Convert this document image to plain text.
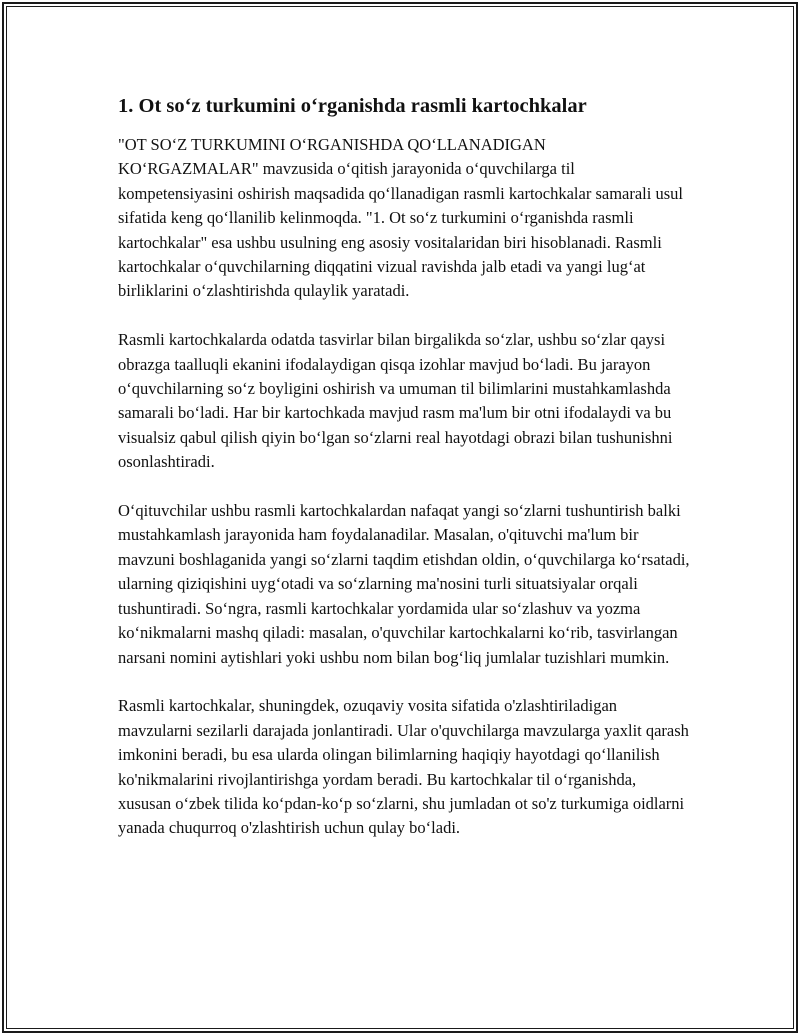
1. Ot so‘z turkumini o‘rganishda rasmli kartochkalar

"OT SO‘Z TURKUMINI O‘RGANISHDA QO‘LLANADIGAN KO‘RGAZMALAR" mavzusida o‘qitish jarayonida o‘quvchilarga til kompetensiyasini oshirish maqsadida qo‘llanadigan rasmli kartochkalar samarali usul sifatida keng qo‘llanilib kelinmoqda. "1. Ot so‘z turkumini o‘rganishda rasmli kartochkalar" esa ushbu usulning eng asosiy vositalaridan biri hisoblanadi. Rasmli kartochkalar o‘quvchilarning diqqatini vizual ravishda jalb etadi va yangi lug‘at birliklarini o‘zlashtirishda qulaylik yaratadi.

Rasmli kartochkalarda odatda tasvirlar bilan birgalikda so‘zlar, ushbu so‘zlar qaysi obrazga taalluqli ekanini ifodalaydigan qisqa izohlar mavjud bo‘ladi. Bu jarayon o‘quvchilarning so‘z boyligini oshirish va umuman til bilimlarini mustahkamlashda samarali bo‘ladi. Har bir kartochkada mavjud rasm ma'lum bir otni ifodalaydi va bu visualsiz qabul qilish qiyin bo‘lgan so‘zlarni real hayotdagi obrazi bilan tushunishni osonlashtiradi.

O‘qituvchilar ushbu rasmli kartochkalardan nafaqat yangi so‘zlarni tushuntirish balki mustahkamlash jarayonida ham foydalanadilar. Masalan, o'qituvchi ma'lum bir mavzuni boshlaganida yangi so‘zlarni taqdim etishdan oldin, o‘quvchilarga ko‘rsatadi, ularning qiziqishini uyg‘otadi va so‘zlarning ma'nosini turli situatsiyalar orqali tushuntiradi. So‘ngra, rasmli kartochkalar yordamida ular so‘zlashuv va yozma ko‘nikmalarni mashq qiladi: masalan, o'quvchilar kartochkalarni ko‘rib, tasvirlangan narsani nomini aytishlari yoki ushbu nom bilan bog‘liq jumlalar tuzishlari mumkin.

Rasmli kartochkalar, shuningdek, ozuqaviy vosita sifatida o'zlashtiriladigan mavzularni sezilarli darajada jonlantiradi. Ular o'quvchilarga mavzularga yaxlit qarash imkonini beradi, bu esa ularda olingan bilimlarning haqiqiy hayotdagi qo‘llanilish ko'nikmalarini rivojlantirishga yordam beradi. Bu kartochkalar til o‘rganishda, xususan o‘zbek tilida ko‘pdan-ko‘p so‘zlarni, shu jumladan ot so'z turkumiga oidlarni yanada chuqurroq o'zlashtirish uchun qulay bo‘ladi.
